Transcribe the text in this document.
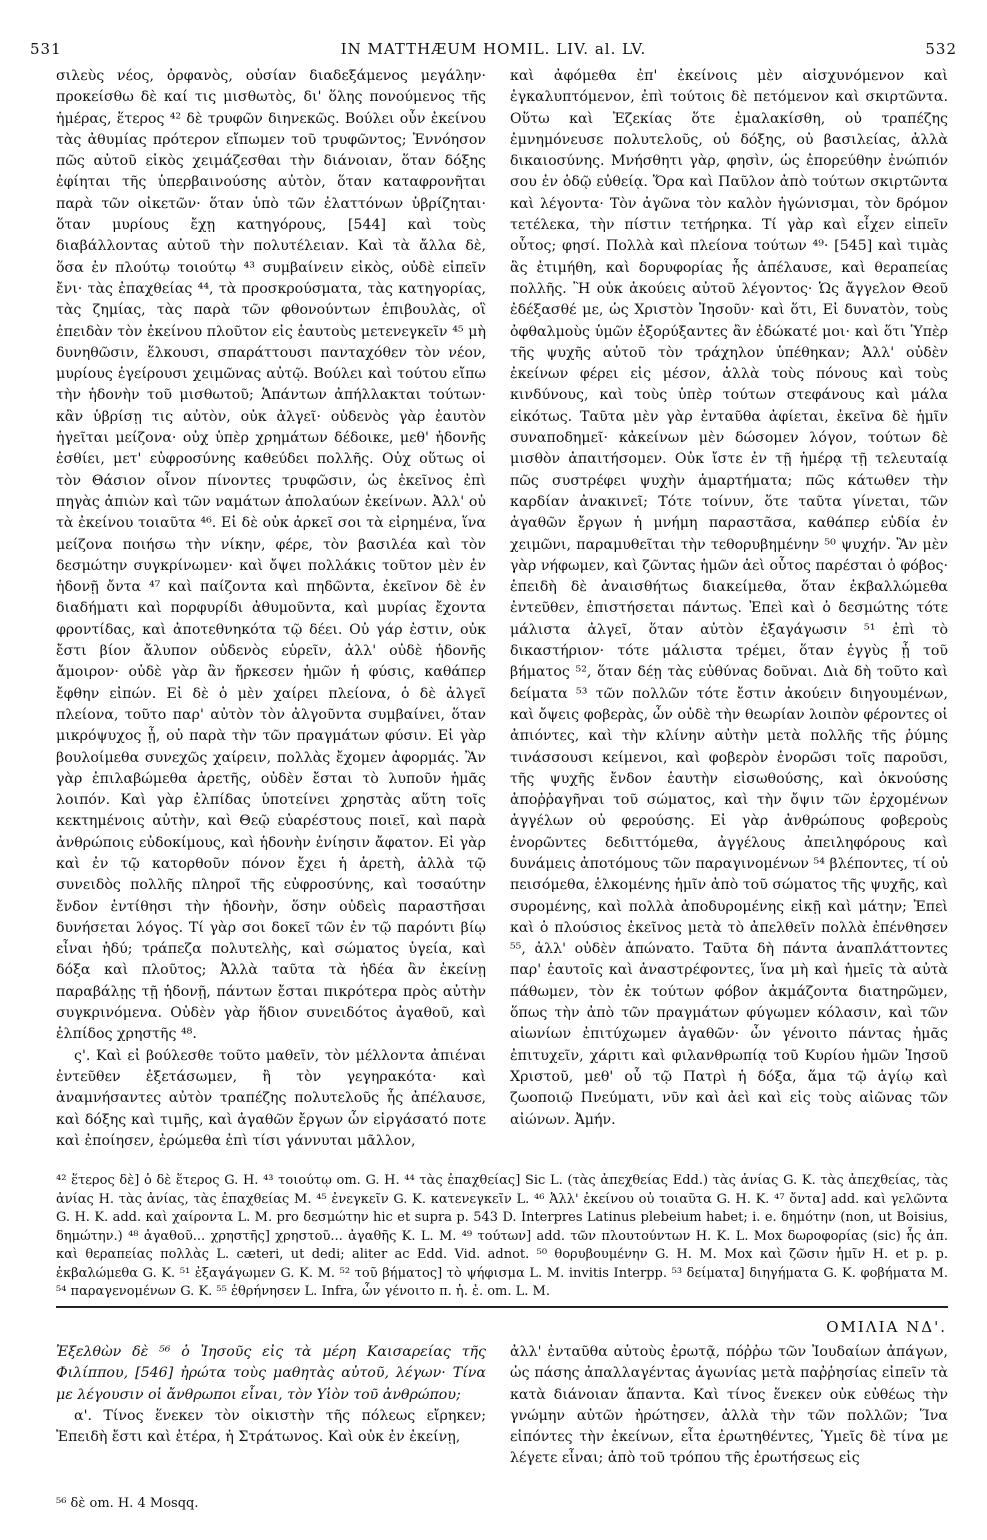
531	IN MATTHÆUM HOMIL. LIV. al. LV.	532

σιλεὺς νέος, ὀρφανὸς, οὐσίαν διαδεξάμενος μεγάλην· προκείσθω δὲ καί τις μισθωτὸς, δι' ὅλης πονούμενος τῆς ἡμέρας, ἕτερος ⁴² δὲ τρυφῶν διηνεκῶς. Βούλει οὖν ἐκείνου τὰς ἀθυμίας πρότερον εἴπωμεν τοῦ τρυφῶντος; Ἐννόησον πῶς αὐτοῦ εἰκὸς χειμάζεσθαι τὴν διάνοιαν, ὅταν δόξης ἐφίηται τῆς ὑπερβαινούσης αὐτὸν, ὅταν καταφρονῆται παρὰ τῶν οἰκετῶν· ὅταν ὑπὸ τῶν ἐλαττόνων ὑβρίζηται· ὅταν μυρίους ἔχῃ κατηγόρους, [544] καὶ τοὺς διαβάλλοντας αὐτοῦ τὴν πολυτέλειαν. Καὶ τὰ ἄλλα δὲ, ὅσα ἐν πλούτῳ τοιούτῳ ⁴³ συμβαίνειν εἰκὸς, οὐδὲ εἰπεῖν ἔνι· τὰς ἐπαχθείας ⁴⁴, τὰ προσκρούσματα, τὰς κατηγορίας, τὰς ζημίας, τὰς παρὰ τῶν φθονούντων ἐπιβουλὰς, οἳ ἐπειδὰν τὸν ἐκείνου πλοῦτον εἰς ἑαυτοὺς μετενεγκεῖν ⁴⁵ μὴ δυνηθῶσιν, ἕλκουσι, σπαράττουσι πανταχόθεν τὸν νέον, μυρίους ἐγείρουσι χειμῶνας αὐτῷ. Βούλει καὶ τούτου εἴπω τὴν ἡδονὴν τοῦ μισθωτοῦ; Ἁπάντων ἀπήλλακται τούτων· κἂν ὑβρίσῃ τις αὐτὸν, οὐκ ἀλγεῖ· οὐδενὸς γὰρ ἑαυτὸν ἡγεῖται μείζονα· οὐχ ὑπὲρ χρημάτων δέδοικε, μεθ' ἡδονῆς ἐσθίει, μετ' εὐφροσύνης καθεύδει πολλῆς. Οὐχ οὕτως οἱ τὸν Θάσιον οἶνον πίνοντες τρυφῶσιν, ὡς ἐκεῖνος ἐπὶ πηγὰς ἀπιὼν καὶ τῶν ναμάτων ἀπολαύων ἐκείνων. Ἀλλ' οὐ τὰ ἐκείνου τοιαῦτα ⁴⁶. Εἰ δὲ οὐκ ἀρκεῖ σοι τὰ εἰρημένα, ἵνα μείζονα ποιήσω τὴν νίκην, φέρε, τὸν βασιλέα καὶ τὸν δεσμώτην συγκρίνωμεν· καὶ ὄψει πολλάκις τοῦτον μὲν ἐν ἡδονῇ ὄντα ⁴⁷ καὶ παίζοντα καὶ πηδῶντα, ἐκεῖνον δὲ ἐν διαδήματι καὶ πορφυρίδι ἀθυμοῦντα, καὶ μυρίας ἔχοντα φροντίδας, καὶ ἀποτεθνηκότα τῷ δέει. Οὐ γάρ ἐστιν, οὐκ ἔστι βίον ἄλυπον οὐδενὸς εὑρεῖν, ἀλλ' οὐδὲ ἡδονῆς ἄμοιρον· οὐδὲ γὰρ ἂν ἤρκεσεν ἡμῶν ἡ φύσις, καθάπερ ἔφθην εἰπών. Εἰ δὲ ὁ μὲν χαίρει πλείονα, ὁ δὲ ἀλγεῖ πλείονα, τοῦτο παρ' αὐτὸν τὸν ἀλγοῦντα συμβαίνει, ὅταν μικρόψυχος ᾖ, οὐ παρὰ τὴν τῶν πραγμάτων φύσιν. Εἰ γὰρ βουλοίμεθα συνεχῶς χαίρειν, πολλὰς ἔχομεν ἀφορμάς. Ἂν γὰρ ἐπιλαβώμεθα ἀρετῆς, οὐδὲν ἔσται τὸ λυποῦν ἡμᾶς λοιπόν. Καὶ γὰρ ἐλπίδας ὑποτείνει χρηστὰς αὕτη τοῖς κεκτημένοις αὐτὴν, καὶ Θεῷ εὐαρέστους ποιεῖ, καὶ παρὰ ἀνθρώποις εὐδοκίμους, καὶ ἡδονὴν ἐνίησιν ἄφατον. Εἰ γὰρ καὶ ἐν τῷ κατορθοῦν πόνον ἔχει ἡ ἀρετὴ, ἀλλὰ τῷ συνειδὸς πολλῆς πληροῖ τῆς εὐφροσύνης, καὶ τοσαύτην ἔνδον ἐντίθησι τὴν ἡδονὴν, ὅσην οὐδεὶς παραστῆσαι δυνήσεται λόγος. Τί γὰρ σοι δοκεῖ τῶν ἐν τῷ παρόντι βίῳ εἶναι ἡδύ; τράπεζα πολυτελὴς, καὶ σώματος ὑγεία, καὶ δόξα καὶ πλοῦτος; Ἀλλὰ ταῦτα τὰ ἡδέα ἂν ἐκείνῃ παραβάλῃς τῇ ἡδονῇ, πάντων ἔσται πικρότερα πρὸς αὐτὴν συγκρινόμενα. Οὐδὲν γὰρ ἥδιον συνειδότος ἀγαθοῦ, καὶ ἐλπίδος χρηστῆς ⁴⁸.

ς'. Καὶ εἰ βούλεσθε τοῦτο μαθεῖν, τὸν μέλλοντα ἀπιέναι ἐντεῦθεν ἐξετάσωμεν, ἢ τὸν γεγηρακότα· καὶ ἀναμνήσαντες αὐτὸν τραπέζης πολυτελοῦς ἧς ἀπέλαυσε, καὶ δόξης καὶ τιμῆς, καὶ ἀγαθῶν ἔργων ὧν εἰργάσατό ποτε καὶ ἐποίησεν, ἐρώμεθα ἐπὶ τίσι γάννυται μᾶλλον,

καὶ ἀφόμεθα ἐπ' ἐκείνοις μὲν αἰσχυνόμενον καὶ ἐγκαλυπτόμενον, ἐπὶ τούτοις δὲ πετόμενον καὶ σκιρτῶντα. Οὕτω καὶ Ἐζεκίας ὅτε ἐμαλακίσθη, οὐ τραπέζης ἐμνημόνευσε πολυτελοῦς, οὐ δόξης, οὐ βασιλείας, ἀλλὰ δικαιοσύνης. Μνήσθητι γὰρ, φησὶν, ὡς ἐπορεύθην ἐνώπιόν σου ἐν ὁδῷ εὐθείᾳ. Ὅρα καὶ Παῦλον ἀπὸ τούτων σκιρτῶντα καὶ λέγοντα· Τὸν ἀγῶνα τὸν καλὸν ἠγώνισμαι, τὸν δρόμον τετέλεκα, τὴν πίστιν τετήρηκα. Τί γὰρ καὶ εἶχεν εἰπεῖν οὗτος; φησί. Πολλὰ καὶ πλείονα τούτων ⁴⁹· [545] καὶ τιμὰς ἃς ἐτιμήθη, καὶ δορυφορίας ἧς ἀπέλαυσε, καὶ θεραπείας πολλῆς. Ἢ οὐκ ἀκούεις αὐτοῦ λέγοντος· Ὡς ἄγγελον Θεοῦ ἐδέξασθέ με, ὡς Χριστὸν Ἰησοῦν· καὶ ὅτι, Εἰ δυνατὸν, τοὺς ὀφθαλμοὺς ὑμῶν ἐξορύξαντες ἂν ἐδώκατέ μοι· καὶ ὅτι Ὑπὲρ τῆς ψυχῆς αὐτοῦ τὸν τράχηλον ὑπέθηκαν; Ἀλλ' οὐδὲν ἐκείνων φέρει εἰς μέσον, ἀλλὰ τοὺς πόνους καὶ τοὺς κινδύνους, καὶ τοὺς ὑπὲρ τούτων στεφάνους καὶ μάλα εἰκότως. Ταῦτα μὲν γὰρ ἐνταῦθα ἀφίεται, ἐκεῖνα δὲ ἡμῖν συναποδημεῖ· κἀκείνων μὲν δώσομεν λόγον, τούτων δὲ μισθὸν ἀπαιτήσομεν. Οὐκ ἴστε ἐν τῇ ἡμέρᾳ τῇ τελευταίᾳ πῶς συστρέφει ψυχὴν ἁμαρτήματα; πῶς κάτωθεν τὴν καρδίαν ἀνακινεῖ; Τότε τοίνυν, ὅτε ταῦτα γίνεται, τῶν ἀγαθῶν ἔργων ἡ μνήμη παραστᾶσα, καθάπερ εὐδία ἐν χειμῶνι, παραμυθεῖται τὴν τεθορυβημένην ⁵⁰ ψυχήν. Ἂν μὲν γὰρ νήφωμεν, καὶ ζῶντας ἡμῶν ἀεὶ οὗτος παρέσται ὁ φόβος· ἐπειδὴ δὲ ἀναισθήτως διακείμεθα, ὅταν ἐκβαλλώμεθα ἐντεῦθεν, ἐπιστήσεται πάντως. Ἐπεὶ καὶ ὁ δεσμώτης τότε μάλιστα ἀλγεῖ, ὅταν αὐτὸν ἐξαγάγωσιν ⁵¹ ἐπὶ τὸ δικαστήριον· τότε μάλιστα τρέμει, ὅταν ἐγγὺς ᾖ τοῦ βήματος ⁵², ὅταν δέῃ τὰς εὐθύνας δοῦναι. Διὰ δὴ τοῦτο καὶ δείματα ⁵³ τῶν πολλῶν τότε ἔστιν ἀκούειν διηγουμένων, καὶ ὄψεις φοβερὰς, ὧν οὐδὲ τὴν θεωρίαν λοιπὸν φέροντες οἱ ἀπιόντες, καὶ τὴν κλίνην αὐτὴν μετὰ πολλῆς τῆς ῥύμης τινάσσουσι κείμενοι, καὶ φοβερὸν ἐνορῶσι τοῖς παροῦσι, τῆς ψυχῆς ἔνδον ἑαυτὴν εἰσωθούσης, καὶ ὀκνούσης ἀποῤῥαγῆναι τοῦ σώματος, καὶ τὴν ὄψιν τῶν ἐρχομένων ἀγγέλων οὐ φερούσης. Εἰ γὰρ ἀνθρώπους φοβεροὺς ἐνορῶντες δεδιττόμεθα, ἀγγέλους ἀπειληφόρους καὶ δυνάμεις ἀποτόμους τῶν παραγινομένων ⁵⁴ βλέποντες, τί οὐ πεισόμεθα, ἑλκομένης ἡμῖν ἀπὸ τοῦ σώματος τῆς ψυχῆς, καὶ συρομένης, καὶ πολλὰ ἀποδυρομένης εἰκῇ καὶ μάτην; Ἐπεὶ καὶ ὁ πλούσιος ἐκεῖνος μετὰ τὸ ἀπελθεῖν πολλὰ ἐπένθησεν ⁵⁵, ἀλλ' οὐδὲν ἀπώνατο. Ταῦτα δὴ πάντα ἀναπλάττοντες παρ' ἑαυτοῖς καὶ ἀναστρέφοντες, ἵνα μὴ καὶ ἡμεῖς τὰ αὐτὰ πάθωμεν, τὸν ἐκ τούτων φόβον ἀκμάζοντα διατηρῶμεν, ὅπως τὴν ἀπὸ τῶν πραγμάτων φύγωμεν κόλασιν, καὶ τῶν αἰωνίων ἐπιτύχωμεν ἀγαθῶν· ὧν γένοιτο πάντας ἡμᾶς ἐπιτυχεῖν, χάριτι καὶ φιλανθρωπίᾳ τοῦ Κυρίου ἡμῶν Ἰησοῦ Χριστοῦ, μεθ' οὗ τῷ Πατρὶ ἡ δόξα, ἅμα τῷ ἁγίῳ καὶ ζωοποιῷ Πνεύματι, νῦν καὶ ἀεὶ καὶ εἰς τοὺς αἰῶνας τῶν αἰώνων. Ἀμήν.

⁴² ἕτερος δὲ] ὁ δὲ ἕτερος G. H. ⁴³ τοιούτῳ om. G. H. ⁴⁴ τὰς ἐπαχθείας] Sic L. (τὰς ἀπεχθείας Edd.) τὰς ἀνίας G. K. τὰς ἀπεχθείας, τὰς ἀνίας H. τὰς ἀνίας, τὰς ἐπαχθείας M. ⁴⁵ ἐνεγκεῖν G. K. κατενεγκεῖν L. ⁴⁶ Ἀλλ' ἐκείνου οὐ τοιαῦτα G. H. K. ⁴⁷ ὄντα] add. καὶ γελῶντα G. H. K. add. καὶ χαίροντα L. M. pro δεσμώτην hic et supra p. 543 D. Interpres Latinus plebeium habet; i. e. δημότην (non, ut Boisius, δημώτην.) ⁴⁸ ἀγαθοῦ... χρηστῆς] χρηστοῦ... ἀγαθῆς K. L. M. ⁴⁹ τούτων] add. τῶν πλουτούντων H. K. L. Mox δωροφορίας (sic) ἧς ἀπ. καὶ θεραπείας πολλὰς L. cæteri, ut dedi; aliter ac Edd. Vid. adnot. ⁵⁰ θορυβουμένην G. H. M. Mox καὶ ζῶσιν ἡμῖν H. et p. p. ἐκβαλώμεθα G. K. ⁵¹ ἐξαγάγωμεν G. K. M. ⁵² τοῦ βήματος] τὸ ψήφισμα L. M. invitis Interpp. ⁵³ δείματα] διηγήματα G. K. φοβήματα M. ⁵⁴ παραγενομένων G. K. ⁵⁵ ἐθρήνησεν L. Infra, ὧν γένοιτο π. ἡ. ἐ. om. L. M.
ΟΜΙΛΙΑ ΝΔ'.

Ἐξελθὼν δὲ ⁵⁶ ὁ Ἰησοῦς εἰς τὰ μέρη Καισαρείας τῆς Φιλίππου, [546] ἠρώτα τοὺς μαθητὰς αὐτοῦ, λέγων· Τίνα με λέγουσιν οἱ ἄνθρωποι εἶναι, τὸν Υἱὸν τοῦ ἀνθρώπου;

α'. Τίνος ἕνεκεν τὸν οἰκιστὴν τῆς πόλεως εἴρηκεν; Ἐπειδὴ ἔστι καὶ ἑτέρα, ἡ Στράτωνος. Καὶ οὐκ ἐν ἐκείνῃ,

ἀλλ' ἐνταῦθα αὐτοὺς ἐρωτᾷ, πόῤῥω τῶν Ἰουδαίων ἀπάγων, ὡς πάσης ἀπαλλαγέντας ἀγωνίας μετὰ παῤῥησίας εἰπεῖν τὰ κατὰ διάνοιαν ἅπαντα. Καὶ τίνος ἕνεκεν οὐκ εὐθέως τὴν γνώμην αὐτῶν ἠρώτησεν, ἀλλὰ τὴν τῶν πολλῶν; Ἵνα εἰπόντες τὴν ἐκείνων, εἶτα ἐρωτηθέντες, Ὑμεῖς δὲ τίνα με λέγετε εἶναι; ἀπὸ τοῦ τρόπου τῆς ἐρωτήσεως εἰς

⁵⁶ δὲ om. H. 4 Mosqq.
